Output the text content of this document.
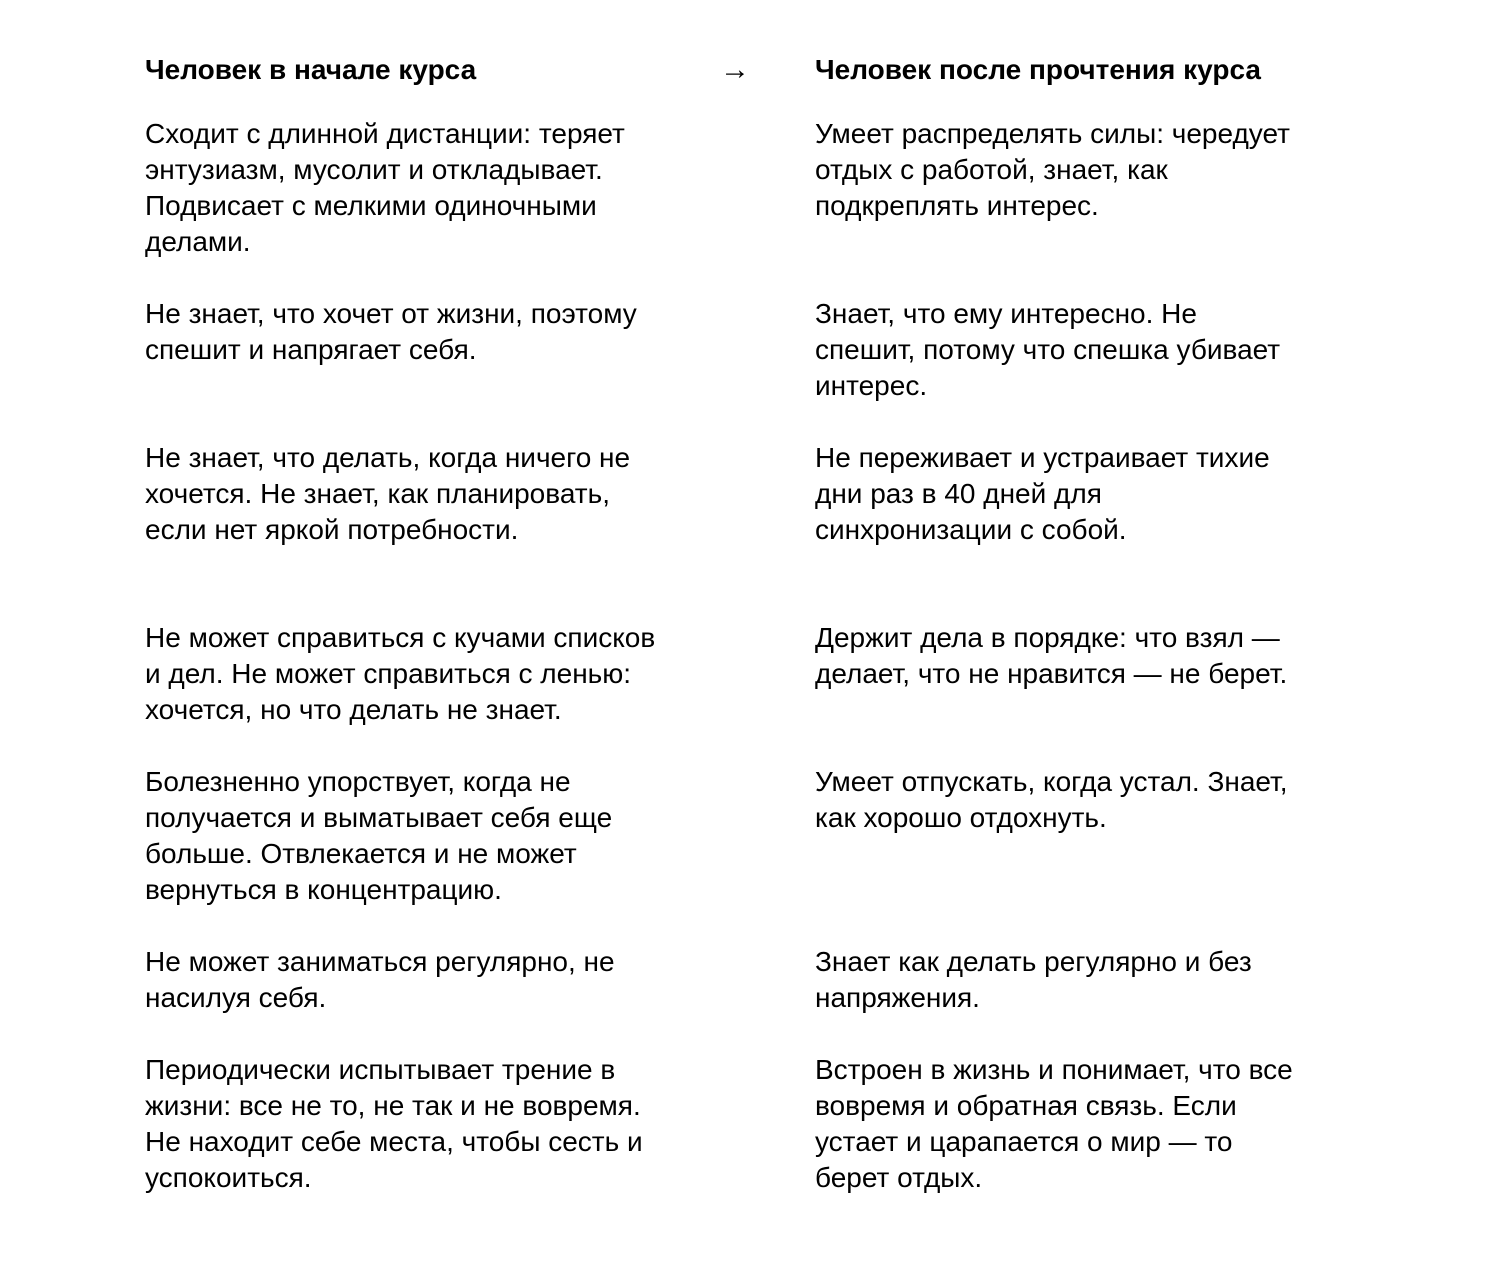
Человек в начале курса
Сходит с длинной дистанции: теряет
энтузиазм, мусолит и откладывает.
Подвисает с мелкими одиночными
делами.
Не знает, что хочет от жизни, поэтому
спешит и напрягает себя.
Не знает, что делать, когда ничего не
хочется. Не знает, как планировать,
если нет яркой потребности.
Не может справиться с кучами списков
и дел. Не может справиться с ленью:
хочется, но что делать не знает.
Болезненно упорствует, когда не
получается и выматывает себя еще
больше. Отвлекается и не может
вернуться в концентрацию.
Не может заниматься регулярно, не
насилуя себя.
Периодически испытывает трение в
жизни: все не то, не так и не вовремя.
Не находит себе места, чтобы сесть и
успокоиться.
→ Человек после прочтения курса
Умеет распределять силы: чередует
отдых с работой, знает, как
подкреплять интерес.
Знает, что ему интересно. Не
спешит, потому что спешка убивает
интерес.
Не переживает и устраивает тихие
дни раз в 40 дней для
синхронизации с собой.
Держит дела в порядке: что взял —
делает, что не нравится — не берет.
Умеет отпускать, когда устал. Знает,
как хорошо отдохнуть.
Знает как делать регулярно и без
напряжения.
Встроен в жизнь и понимает, что все
вовремя и обратная связь. Если
устает и царапается о мир — то
берет отдых.
